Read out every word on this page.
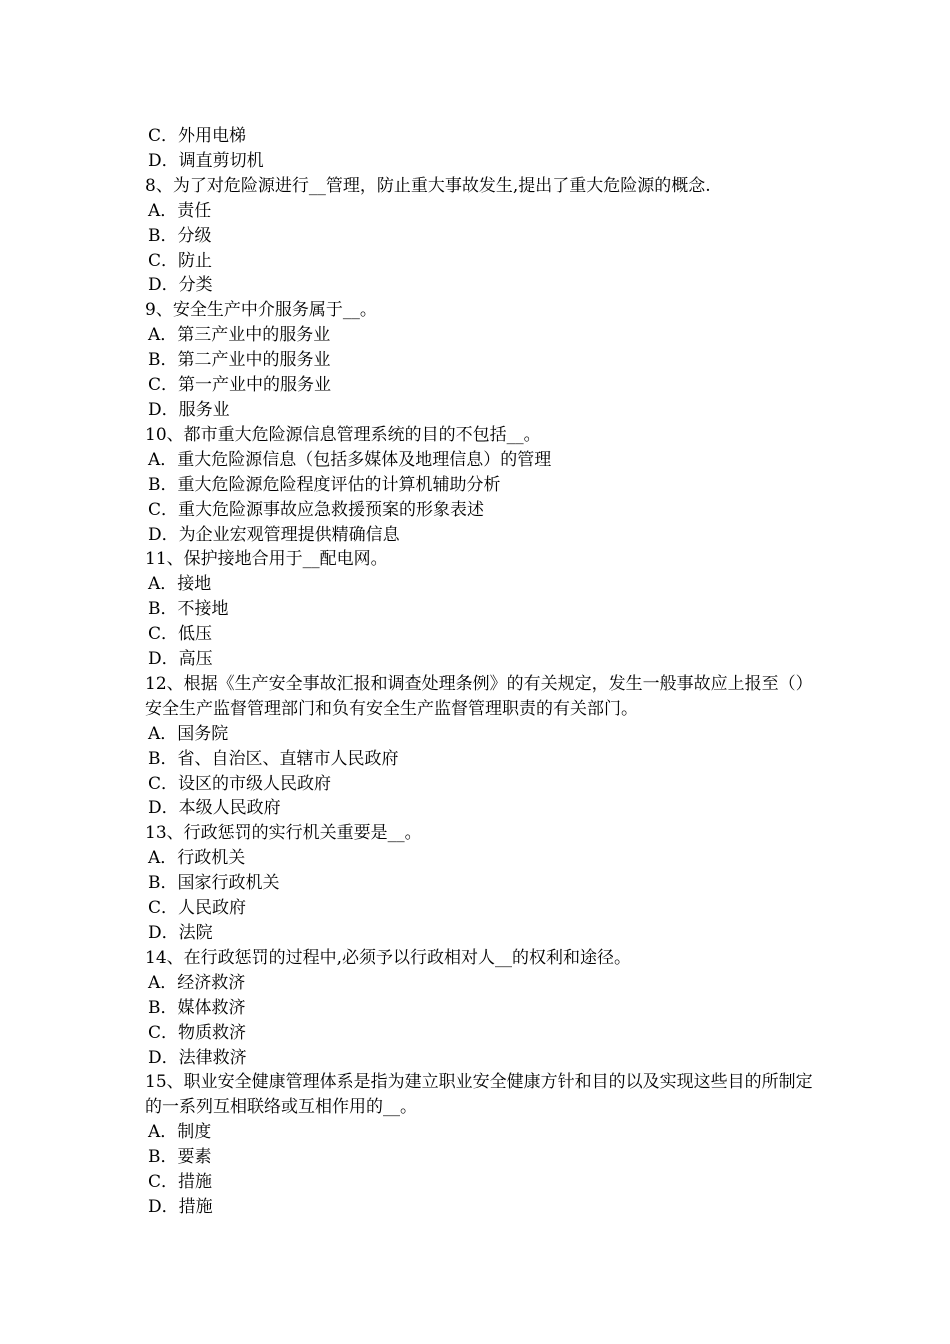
C．外用电梯
D．调直剪切机
8、为了对危险源进行__管理，防止重大事故发生,提出了重大危险源的概念.
A．责任
B．分级
C．防止
D．分类
9、安全生产中介服务属于__。
A．第三产业中的服务业
B．第二产业中的服务业
C．第一产业中的服务业
D．服务业
10、都市重大危险源信息管理系统的目的不包括__。
A．重大危险源信息（包括多媒体及地理信息）的管理
B．重大危险源危险程度评估的计算机辅助分析
C．重大危险源事故应急救援预案的形象表述
D．为企业宏观管理提供精确信息
11、保护接地合用于__配电网。
A．接地
B．不接地
C．低压
D．高压
12、根据《生产安全事故汇报和调查处理条例》的有关规定，发生一般事故应上报至（）安全生产监督管理部门和负有安全生产监督管理职责的有关部门。
A．国务院
B．省、自治区、直辖市人民政府
C．设区的市级人民政府
D．本级人民政府
13、行政惩罚的实行机关重要是__。
A．行政机关
B．国家行政机关
C．人民政府
D．法院
14、在行政惩罚的过程中,必须予以行政相对人__的权利和途径。
A．经济救济
B．媒体救济
C．物质救济
D．法律救济
15、职业安全健康管理体系是指为建立职业安全健康方针和目的以及实现这些目的所制定的一系列互相联络或互相作用的__。
A．制度
B．要素
C．措施
D．措施
